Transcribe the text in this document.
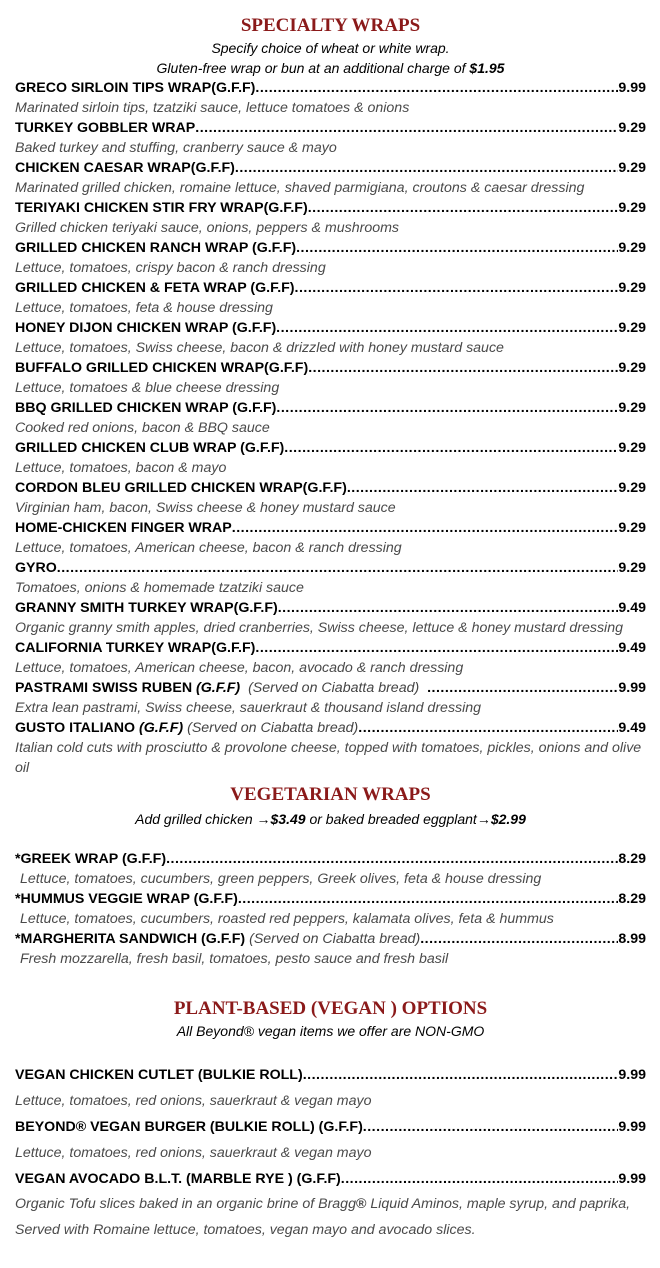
SPECIALTY WRAPS

Specify choice of wheat or white wrap.

Gluten-free wrap or bun at an additional charge of $1.95

GRECO SIRLOIN TIPS WRAP(G.F.F) .....	9.99

Marinated sirloin tips, tzatziki sauce, lettuce tomatoes & onions

TURKEY GOBBLER WRAP .....	9.29

Baked turkey and stuffing, cranberry sauce & mayo

CHICKEN CAESAR WRAP(G.F.F) .....	9.29

Marinated grilled chicken, romaine lettuce, shaved parmigiana, croutons & caesar dressing

TERIYAKI CHICKEN STIR FRY WRAP(G.F.F) .....	9.29

Grilled chicken teriyaki sauce, onions, peppers & mushrooms

GRILLED CHICKEN RANCH WRAP (G.F.F) .....	9.29

Lettuce, tomatoes, crispy bacon & ranch dressing

GRILLED CHICKEN & FETA WRAP (G.F.F) .....	9.29

Lettuce, tomatoes, feta & house dressing

HONEY DIJON CHICKEN WRAP (G.F.F) .....	9.29

Lettuce, tomatoes, Swiss cheese, bacon & drizzled with honey mustard sauce

BUFFALO GRILLED CHICKEN WRAP(G.F.F) .....	9.29

Lettuce, tomatoes & blue cheese dressing

BBQ GRILLED CHICKEN WRAP (G.F.F) .....	9.29

Cooked red onions, bacon & BBQ sauce

GRILLED CHICKEN CLUB WRAP (G.F.F) .....	9.29

Lettuce, tomatoes, bacon & mayo

CORDON BLEU GRILLED CHICKEN WRAP(G.F.F) .....	9.29

Virginian ham, bacon, Swiss cheese & honey mustard sauce

HOME-CHICKEN FINGER WRAP .....	9.29

Lettuce, tomatoes, American cheese, bacon & ranch dressing

GYRO .....	9.29

Tomatoes, onions & homemade tzatziki sauce

GRANNY SMITH TURKEY WRAP(G.F.F) .....	9.49

Organic granny smith apples, dried cranberries, Swiss cheese, lettuce & honey mustard dressing

CALIFORNIA TURKEY WRAP(G.F.F) .....	9.49

Lettuce, tomatoes, American cheese, bacon, avocado & ranch dressing

PASTRAMI SWISS RUBEN (G.F.F) (Served on Ciabatta bread) .....	9.99

Extra lean pastrami, Swiss cheese, sauerkraut & thousand island dressing

GUSTO ITALIANO (G.F.F) (Served on Ciabatta bread) .....	9.49

Italian cold cuts with prosciutto & provolone cheese, topped with tomatoes, pickles, onions and olive oil

VEGETARIAN WRAPS

Add grilled chicken →$3.49 or baked breaded eggplant→$2.99

*GREEK WRAP (G.F.F) .....	8.29

Lettuce, tomatoes, cucumbers, green peppers, Greek olives, feta & house dressing

*HUMMUS VEGGIE WRAP (G.F.F) .....	8.29

Lettuce, tomatoes, cucumbers, roasted red peppers, kalamata olives, feta & hummus

*MARGHERITA SANDWICH (G.F.F) (Served on Ciabatta bread) .....	8.99

Fresh mozzarella, fresh basil, tomatoes, pesto sauce and fresh basil

PLANT-BASED (VEGAN ) OPTIONS

All Beyond® vegan items we offer are NON-GMO

VEGAN CHICKEN CUTLET (BULKIE ROLL) .....	9.99

Lettuce, tomatoes, red onions, sauerkraut & vegan mayo

BEYOND® VEGAN BURGER (BULKIE ROLL) (G.F.F) .....	9.99

Lettuce, tomatoes, red onions, sauerkraut & vegan mayo

VEGAN AVOCADO B.L.T. (MARBLE RYE ) (G.F.F) .....	9.99

Organic Tofu slices baked in an organic brine of Bragg® Liquid Aminos, maple syrup, and paprika, Served with Romaine lettuce, tomatoes, vegan mayo and avocado slices.
